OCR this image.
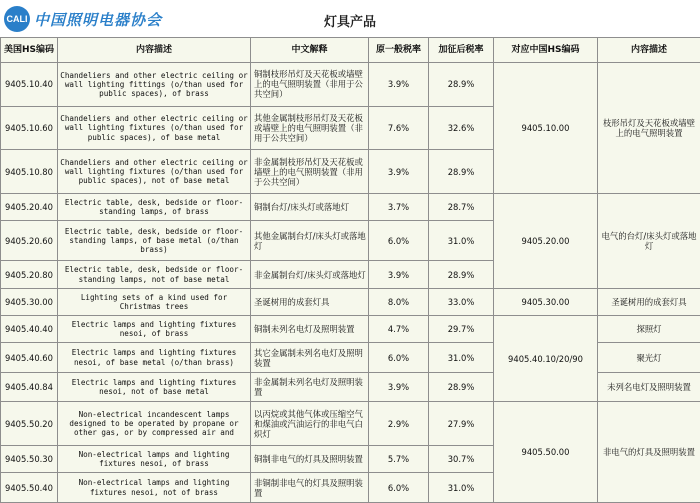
CALI 中国照明电器协会	灯具产品
美国HS编码	内容描述	中文解释	原一般税率	加征后税率	对应中国HS编码	内容描述
9405.10.40	Chandeliers and other electric ceiling or wall lighting fittings (o/than used for public spaces), of brass	铜制枝形吊灯及天花板或墙壁上的电气照明装置（非用于公共空间）	3.9%	28.9%	9405.10.00	枝形吊灯及天花板或墙壁上的电气照明装置
9405.10.60	Chandeliers and other electric ceiling or wall lighting fixtures (o/than used for public spaces), of base metal	其他金属制枝形吊灯及天花板或墙壁上的电气照明装置（非用于公共空间）	7.6%	32.6%		
9405.10.80	Chandeliers and other electric ceiling or wall lighting fixtures (o/than used for public spaces), not of base metal	非金属制枝形吊灯及天花板或墙壁上的电气照明装置（非用于公共空间）	3.9%	28.9%		
9405.20.40	Electric table, desk, bedside or floor-standing lamps, of brass	铜制台灯/床头灯或落地灯	3.7%	28.7%	9405.20.00	电气的台灯/床头灯或落地灯
9405.20.60	Electric table, desk, bedside or floor-standing lamps, of base metal (o/than brass)	其他金属制台灯/床头灯或落地灯	6.0%	31.0%		
9405.20.80	Electric table, desk, bedside or floor-standing lamps, not of base metal	非金属制台灯/床头灯或落地灯	3.9%	28.9%		
9405.30.00	Lighting sets of a kind used for Christmas trees	圣诞树用的成套灯具	8.0%	33.0%	9405.30.00	圣诞树用的成套灯具
9405.40.40	Electric lamps and lighting fixtures nesoi, of brass	铜制未列名电灯及照明装置	4.7%	29.7%	9405.40.10/20/90	探照灯
9405.40.60	Electric lamps and lighting fixtures nesoi, of base metal (o/than brass)	其它金属制未列名电灯及照明装置	6.0%	31.0%		聚光灯
9405.40.84	Electric lamps and lighting fixtures nesoi, not of base metal	非金属制未列名电灯及照明装置	3.9%	28.9%		未列名电灯及照明装置
9405.50.20	Non-electrical incandescent lamps designed to be operated by propane or other gas, or by compressed air and	以丙烷或其他气体或压缩空气和煤油或汽油运行的非电气白炽灯	2.9%	27.9%	9405.50.00	非电气的灯具及照明装置
9405.50.30	Non-electrical lamps and lighting fixtures nesoi, of brass	铜制非电气的灯具及照明装置	5.7%	30.7%		
9405.50.40	Non-electrical lamps and lighting fixtures nesoi, not of brass	非铜制非电气的灯具及照明装置	6.0%	31.0%		
